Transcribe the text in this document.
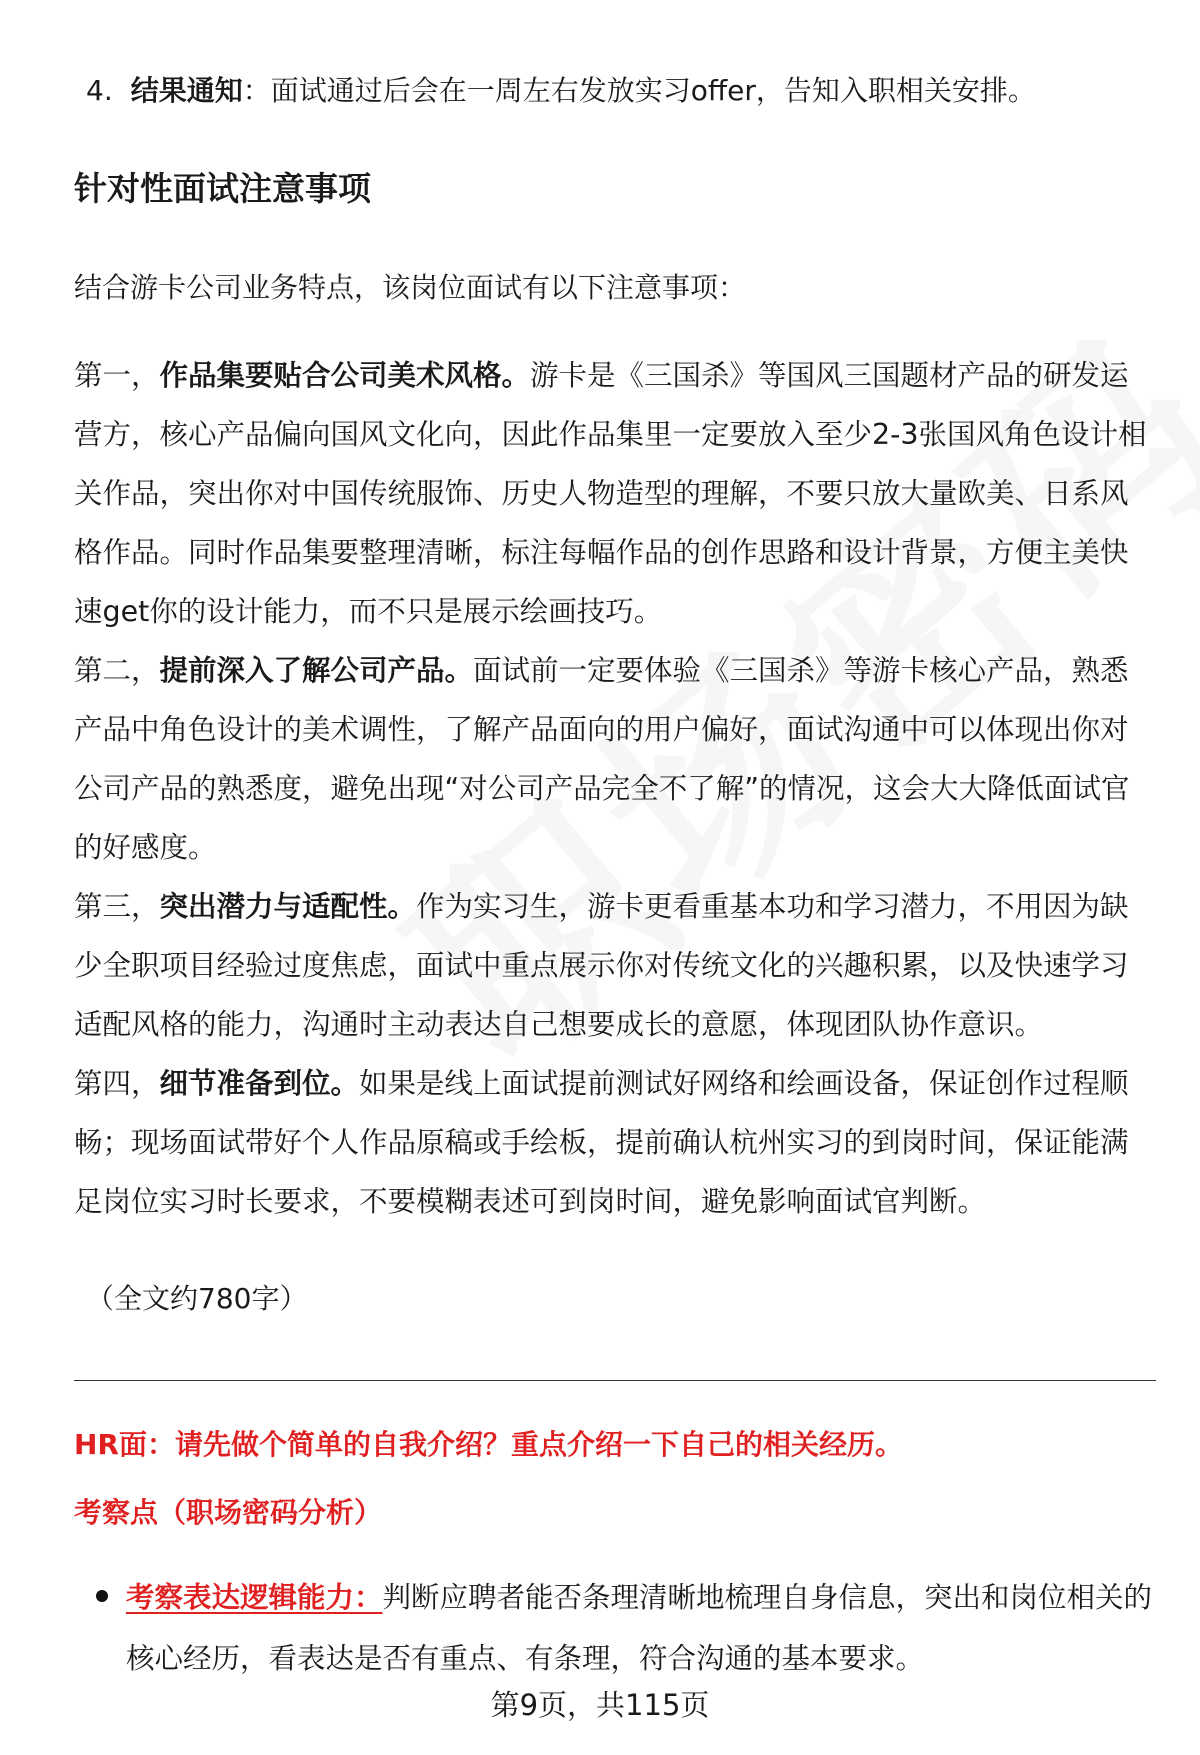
4. 结果通知：面试通过后会在一周左右发放实习offer，告知入职相关安排。
针对性面试注意事项
结合游卡公司业务特点，该岗位面试有以下注意事项：

第一，作品集要贴合公司美术风格。游卡是《三国杀》等国风三国题材产品的研发运营方，核心产品偏向国风文化向，因此作品集里一定要放入至少2-3张国风角色设计相关作品，突出你对中国传统服饰、历史人物造型的理解，不要只放大量欧美、日系风格作品。同时作品集要整理清晰，标注每幅作品的创作思路和设计背景，方便主美快速get你的设计能力，而不只是展示绘画技巧。

第二，提前深入了解公司产品。面试前一定要体验《三国杀》等游卡核心产品，熟悉产品中角色设计的美术调性，了解产品面向的用户偏好，面试沟通中可以体现出你对公司产品的熟悉度，避免出现“对公司产品完全不了解”的情况，这会大大降低面试官的好感度。

第三，突出潜力与适配性。作为实习生，游卡更看重基本功和学习潜力，不用因为缺少全职项目经验过度焦虑，面试中重点展示你对传统文化的兴趣积累，以及快速学习适配风格的能力，沟通时主动表达自己想要成长的意愿，体现团队协作意识。

第四，细节准备到位。如果是线上面试提前测试好网络和绘画设备，保证创作过程顺畅；现场面试带好个人作品原稿或手绘板，提前确认杭州实习的到岗时间，保证能满足岗位实习时长要求，不要模糊表述可到岗时间，避免影响面试官判断。

（全文约780字）
HR面：请先做个简单的自我介绍？重点介绍一下自己的相关经历。
考察点（职场密码分析）
考察表达逻辑能力：判断应聘者能否条理清晰地梳理自身信息，突出和岗位相关的核心经历，看表达是否有重点、有条理，符合沟通的基本要求。
第9页，共115页
